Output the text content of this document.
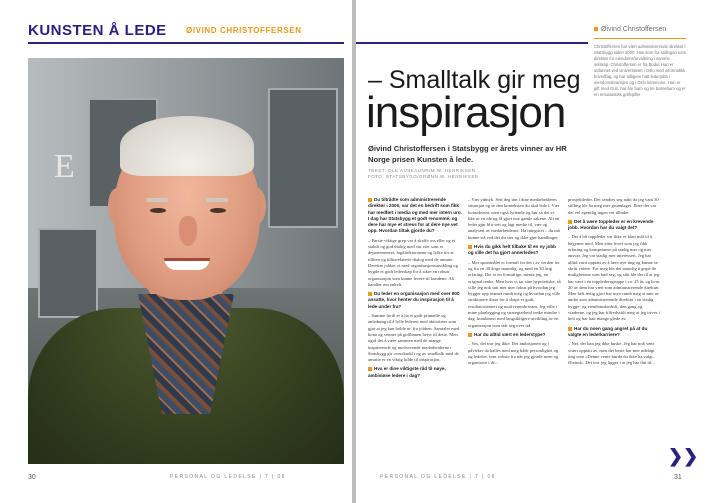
KUNSTEN Å LEDE ØIVIND CHRISTOFFERSEN
E
30	PERSONAL OG LEDELSE | 7 | 08
Øivind Christoffersen
Christoffersen har vært administrerende direktør i Statsbygg siden 2000. Han kom fra stillingen som direktør for eiendomsforvaltning i samme selskap. Christoffersen er fra Bodø. Han er utdannet ved Universitetet i Oslo med informatikk hovedfag, og har tidligere hatt lederjobb i eiendomsbransjen og i Oslo kommune. Han er gift med Guri, har fire barn og tre barnebarn og er en entusiastisk golfspiller.
– Smalltalk gir meg
inspirasjon
Øivind Christoffersen i Statsbygg er årets vinner av HR Norge prisen Kunsten å lede.
TEKST: OLE AUSKAUNRIM W. HENRIKSEN
FOTO: STATSBYGG/GRØNN W. HENRIKSEN

Du tiltrådte som administrerende direktør i 2000, var det en bedrift som fikk har medført i media og med mer intern uro. I dag har Statsbygg et godt renommé, og dere har mye et stress for at dere nye vet opp. Hvordan tiltak gjorde du?

– Første viktige grep var å skaffe oss eller og et stabilt og god dialog med var eier som er departementet, fagdirektoratene og fylke for at tilliten og tillitsrelaterte dialog med de ansatte. Deretter jobbet vi med organisasjonsutvikling og bygde et godt lederskap for å sikre en robust organisasjon som kunne levere til kundene. Alt handler om enkelt.

Du leder en organisasjon med over 800 ansatte, hvor henter du inspirasjon til å lede under fra?

– Samme fordi er å ha et godt primælle og anledning til å fylle lederen med aktiviteter som gjør at jeg kan holde nr. fra jobben. Samtaler med kona og venner på golfbanen betyr til dette. Men også det å være sammen med de mange inspirerende og motiverende medarbeiderne i Statsbygg gir overskudd i og av smalltalk med de ansatte er en viktig kilde til inspirasjon.

Hva er dine viktigste råd til nøye, ambisiøse ledere i dag?

– Vær ydmyk. Sett deg inn i dine medarbeideres situasjon og se den konteksten du skal lede i. Vær konsekvent, men også lyttende og hør så det er like ut en idé og få gjort noe gamle sakene. Alt en leder gjør blir sett og lagt merke til, vær og analysert av medarbeiderne. Ha integritet – du må kunne stå ved det du sier og ikke gjør handlinger.

Hvis du gikk helt tilbake til en ny jobb og ville det ha gjort annerledes?

– Mer spørsmålet er fornuft fra det i av verden for og fra en 30 årige mannlig, og med en 30 årig erfaring. Det er en fornuftige, mente jeg, en original tenke. Men hvis vi tar sine hypotetiske, så ville jeg nok satt mer mer fokus på hvordan jeg bygger opp teamet rundt meg og hvordan jeg ville strukturere disse for å skape et godt, resultatorientert og motiverende team. Jeg ville i mine planlegging og strategiarbeid tenke mindre i dag, kombinert med langsiktigere utvikling av en organisasjon som står seg over tid.

Har du alltid vært en lederstype?

– Ves, det tror jeg ikke. Det ambisjonen og i påvirker da kalles med meg både personlighet og og ledelse, som vokste fra når jeg gjorde noen og organisere i de...

prosjektleder. Det sendtes seg nakt da jeg vant 30 stilling ble ha meg mer grunnlaget. Etter det var det vel egentlig ingen vei tilbake.

Det å være toppleder er en krevende jobb. Hvordan har du valgt det?

– Det å bli toppleder var ikke et klart mål til å begynne med. Men etter hvert som jeg fikk erfaring og kompetanse på stadig mer og mer ansvar. Jeg var stadig mer interessert. Jeg har alltid varit opptatt av å lære nye ting og kunne se skritt videre. For meg ble det naturlig å gripe de mulighetene som bød seg, og slik ble det til at jeg har vært i en toppledersgruppe i ca. 25 år, og hvor 20 av dem har vært som administrerende direktør. Men helt ærlig gjort har mye rundt meg at mer av andre som administrerende direktør i en stadig bygge- og eiendomsbedrift, den gang og vinderne, og jeg har tilfredsstilt meg at jeg trives i helt og har hatt mange glede av.

Har du noen gang angret på at du valgte en lederkarriere?

– Nei, det kan jeg ikke huske. Jeg har nok vært svært opptatt av, men det beste har mer ødelagt ting som «Denne vente burde du ikke ha valgt, Øivind». Det tror jeg ligger i at jeg har fått til...

❯❯
PERSONAL OG LEDELSE | 7 | 08	31
